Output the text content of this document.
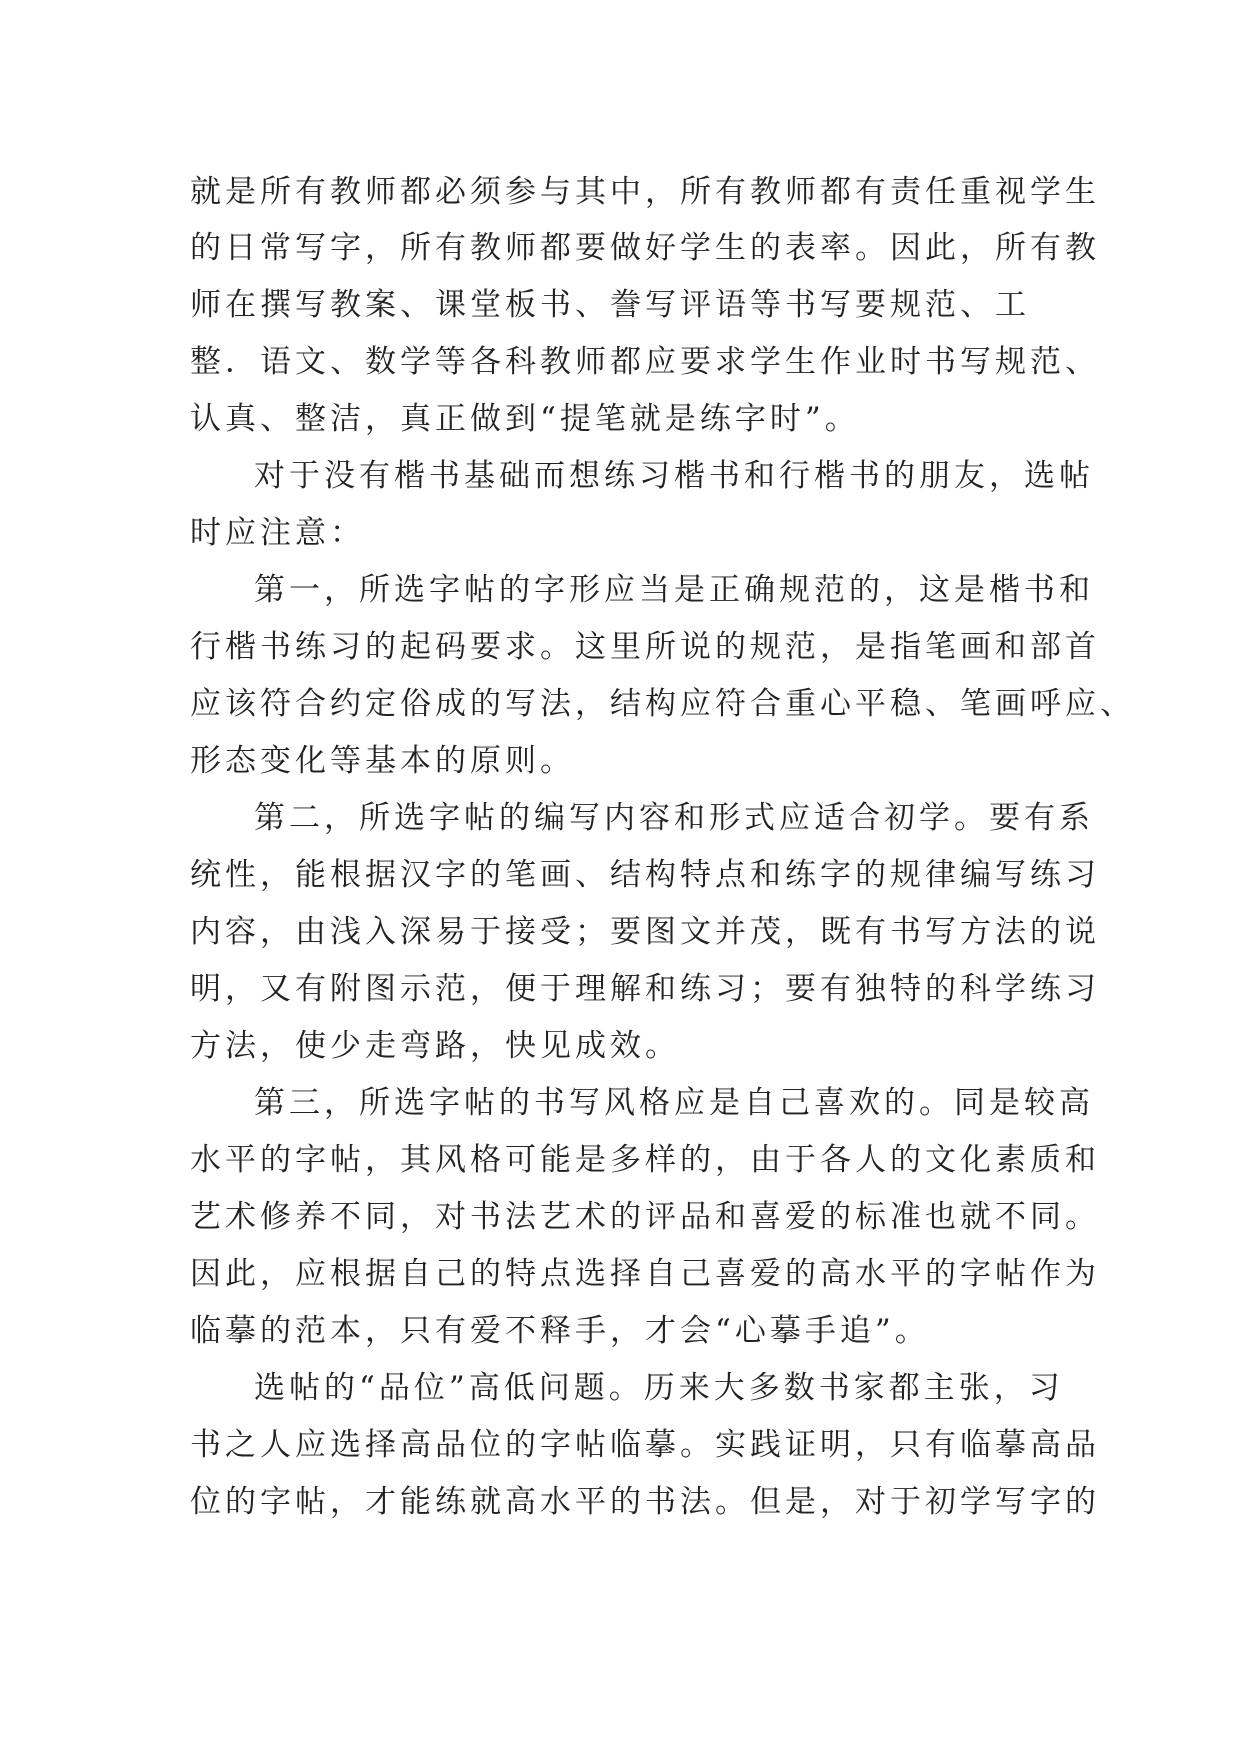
就是所有教师都必须参与其中，所有教师都有责任重视学生
的日常写字，所有教师都要做好学生的表率。因此，所有教
师在撰写教案、课堂板书、誊写评语等书写要规范、工
整．语文、数学等各科教师都应要求学生作业时书写规范、
认真、整洁，真正做到“提笔就是练字时”。
对于没有楷书基础而想练习楷书和行楷书的朋友，选帖
时应注意：
第一，所选字帖的字形应当是正确规范的，这是楷书和
行楷书练习的起码要求。这里所说的规范，是指笔画和部首
应该符合约定俗成的写法，结构应符合重心平稳、笔画呼应、
形态变化等基本的原则。
第二，所选字帖的编写内容和形式应适合初学。要有系
统性，能根据汉字的笔画、结构特点和练字的规律编写练习
内容，由浅入深易于接受；要图文并茂，既有书写方法的说
明，又有附图示范，便于理解和练习；要有独特的科学练习
方法，使少走弯路，快见成效。
第三，所选字帖的书写风格应是自己喜欢的。同是较高
水平的字帖，其风格可能是多样的，由于各人的文化素质和
艺术修养不同，对书法艺术的评品和喜爱的标准也就不同。
因此，应根据自己的特点选择自己喜爱的高水平的字帖作为
临摹的范本，只有爱不释手，才会“心摹手追”。
选帖的“品位”高低问题。历来大多数书家都主张，习
书之人应选择高品位的字帖临摹。实践证明，只有临摹高品
位的字帖，才能练就高水平的书法。但是，对于初学写字的
